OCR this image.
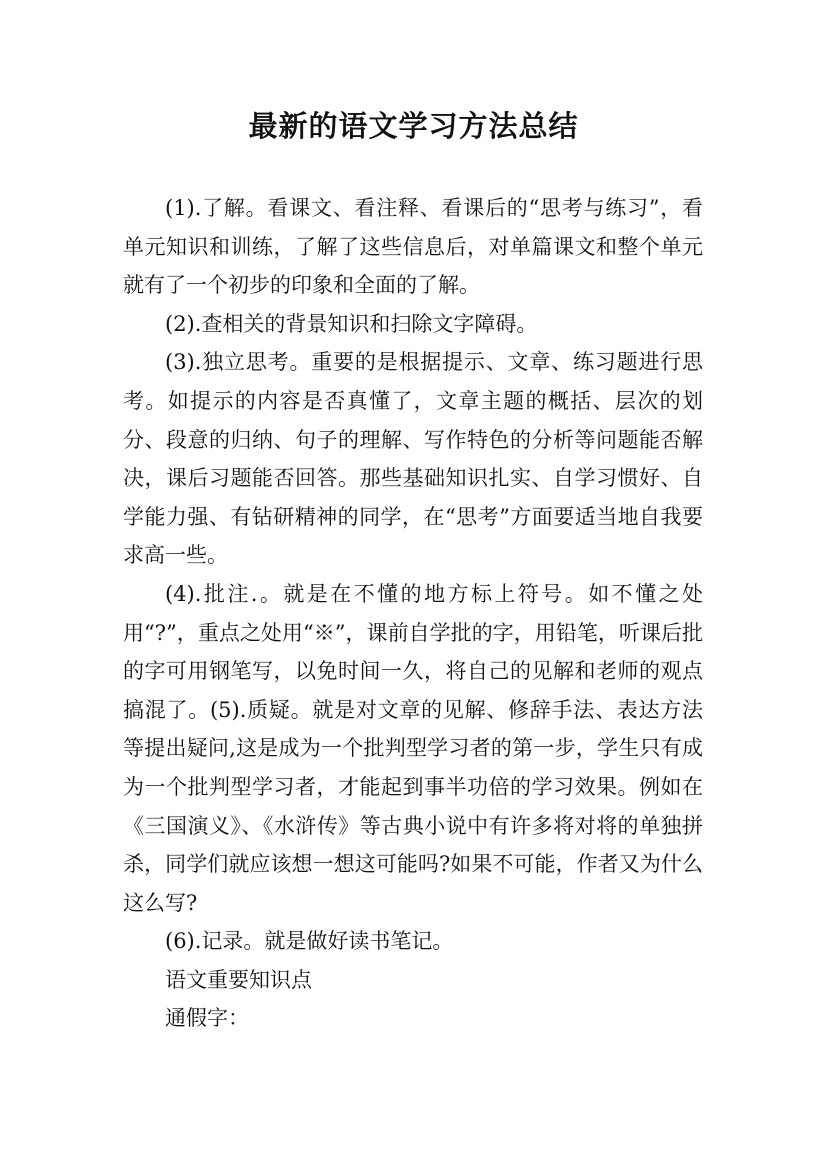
最新的语文学习方法总结

(1).了解。看课文、看注释、看课后的“思考与练习”，看单元知识和训练，了解了这些信息后，对单篇课文和整个单元就有了一个初步的印象和全面的了解。

(2).查相关的背景知识和扫除文字障碍。

(3).独立思考。重要的是根据提示、文章、练习题进行思考。如提示的内容是否真懂了，文章主题的概括、层次的划分、段意的归纳、句子的理解、写作特色的分析等问题能否解决，课后习题能否回答。那些基础知识扎实、自学习惯好、自学能力强、有钻研精神的同学，在“思考”方面要适当地自我要求高一些。

(4).批注.。就是在不懂的地方标上符号。如不懂之处用“?”，重点之处用“※”，课前自学批的字，用铅笔，听课后批的字可用钢笔写，以免时间一久，将自己的见解和老师的观点搞混了。(5).质疑。就是对文章的见解、修辞手法、表达方法等提出疑问,这是成为一个批判型学习者的第一步，学生只有成为一个批判型学习者，才能起到事半功倍的学习效果。例如在《三国演义》、《水浒传》等古典小说中有许多将对将的单独拼杀，同学们就应该想一想这可能吗?如果不可能，作者又为什么这么写?

(6).记录。就是做好读书笔记。

语文重要知识点

通假字：
